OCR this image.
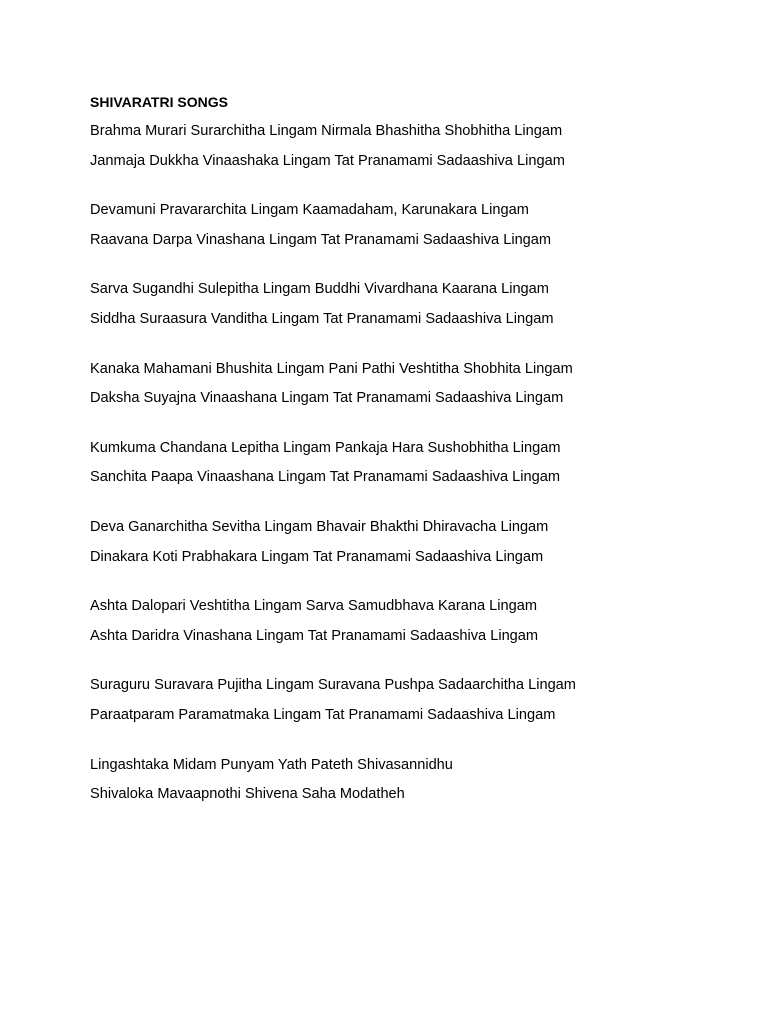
SHIVARATRI SONGS
Brahma Murari Surarchitha Lingam Nirmala Bhashitha Shobhitha Lingam
Janmaja Dukkha Vinaashaka Lingam Tat Pranamami Sadaashiva Lingam
Devamuni Pravararchita Lingam Kaamadaham, Karunakara Lingam
Raavana Darpa Vinashana Lingam Tat Pranamami Sadaashiva Lingam
Sarva Sugandhi Sulepitha Lingam Buddhi Vivardhana Kaarana Lingam
Siddha Suraasura Vanditha Lingam Tat Pranamami Sadaashiva Lingam
Kanaka Mahamani Bhushita Lingam Pani Pathi Veshtitha Shobhita Lingam
Daksha Suyajna Vinaashana Lingam Tat Pranamami Sadaashiva Lingam
Kumkuma Chandana Lepitha Lingam Pankaja Hara Sushobhitha Lingam
Sanchita Paapa Vinaashana Lingam Tat Pranamami Sadaashiva Lingam
Deva Ganarchitha Sevitha Lingam Bhavair Bhakthi Dhiravacha Lingam
Dinakara Koti Prabhakara Lingam Tat Pranamami Sadaashiva Lingam
Ashta Dalopari Veshtitha Lingam Sarva Samudbhava Karana Lingam
Ashta Daridra Vinashana Lingam Tat Pranamami Sadaashiva Lingam
Suraguru Suravara Pujitha Lingam Suravana Pushpa Sadaarchitha Lingam
Paraatparam Paramatmaka Lingam Tat Pranamami Sadaashiva Lingam
Lingashtaka Midam Punyam Yath Pateth Shivasannidhu
Shivaloka Mavaapnothi Shivena Saha Modatheh
